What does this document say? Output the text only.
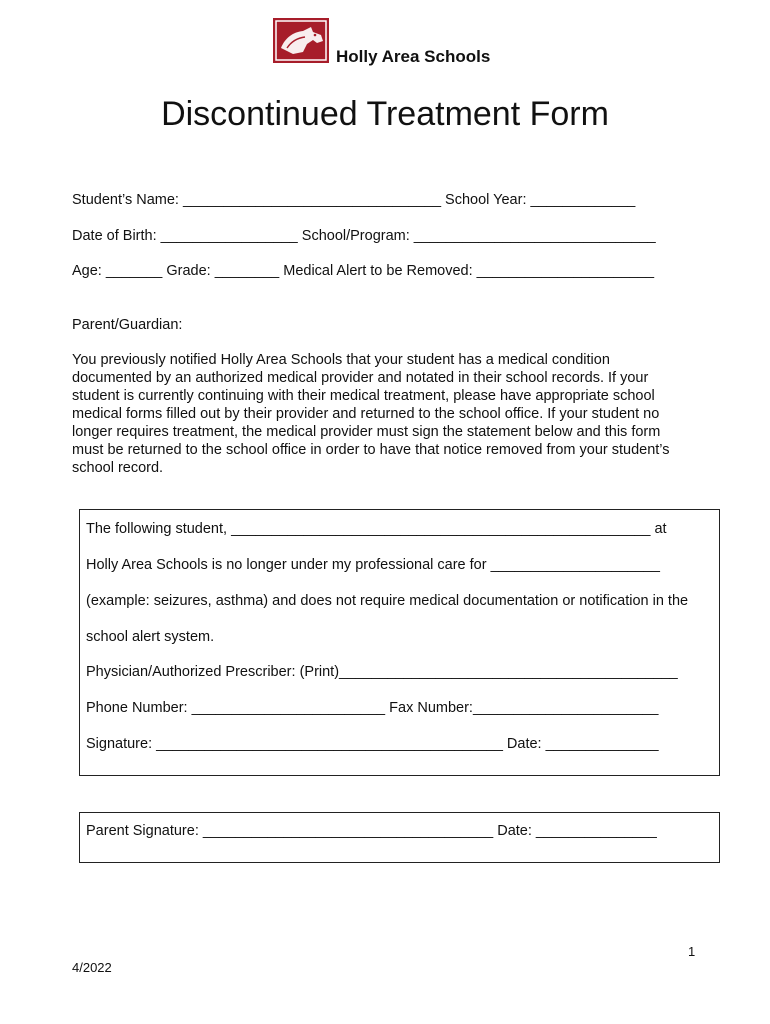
Holly Area Schools
Discontinued Treatment Form
Student’s Name: ________________________________ School Year: _____________
Date of Birth: _________________ School/Program: ______________________________
Age: _______ Grade: ________ Medical Alert to be Removed: ______________________
Parent/Guardian:
You previously notified Holly Area Schools that your student has a medical condition
documented by an authorized medical provider and notated in their school records. If your
student is currently continuing with their medical treatment, please have appropriate school
medical forms filled out by their provider and returned to the school office. If your student no
longer requires treatment, the medical provider must sign the statement below and this form
must be returned to the school office in order to have that notice removed from your student’s
school record.
The following student, ____________________________________________________ at
Holly Area Schools is no longer under my professional care for _____________________
(example: seizures, asthma) and does not require medical documentation or notification in the
school alert system.
Physician/Authorized Prescriber: (Print)__________________________________________
Phone Number: ________________________ Fax Number:_______________________
Signature: ___________________________________________ Date: ______________
Parent Signature: ____________________________________ Date: _______________
1
4/2022
